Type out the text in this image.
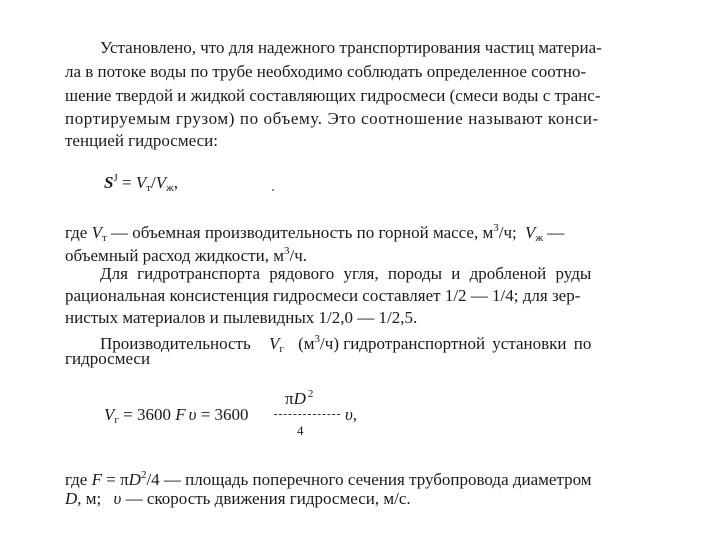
Установлено, что для надежного транспортирования частиц материа-
ла в потоке воды по трубе необходимо соблюдать определенное соотно-
шение твердой и жидкой составляющих гидросмеси (смеси воды с транс-
портируемым грузом) по объему. Это соотношение называют конси-
тенцией гидросмеси:
$S^J = V_т/V_ж$,
где $V_т$ — объемная производительность по горной массе, $м^3/ч$; $V_ж$ —
объемный расход жидкости, $м^3/ч$.
Для гидротранспорта рядового угля, породы и дробленой руды
рациональная консистенция гидросмеси составляет 1/2 — 1/4; для зер-
нистых материалов и пылевидных 1/2,0 — 1/2,5.
Производительность $V_г$ $(м^3/ч)$ гидротранспортной установки по
гидросмеси
$V_г = 3600$ F υ = 3600
πD $^2$
4
υ,
где $F = \pi D^2/4$ — площадь поперечного сечения трубопровода диаметром
D, м; υ — скорость движения гидросмеси, м/с.
